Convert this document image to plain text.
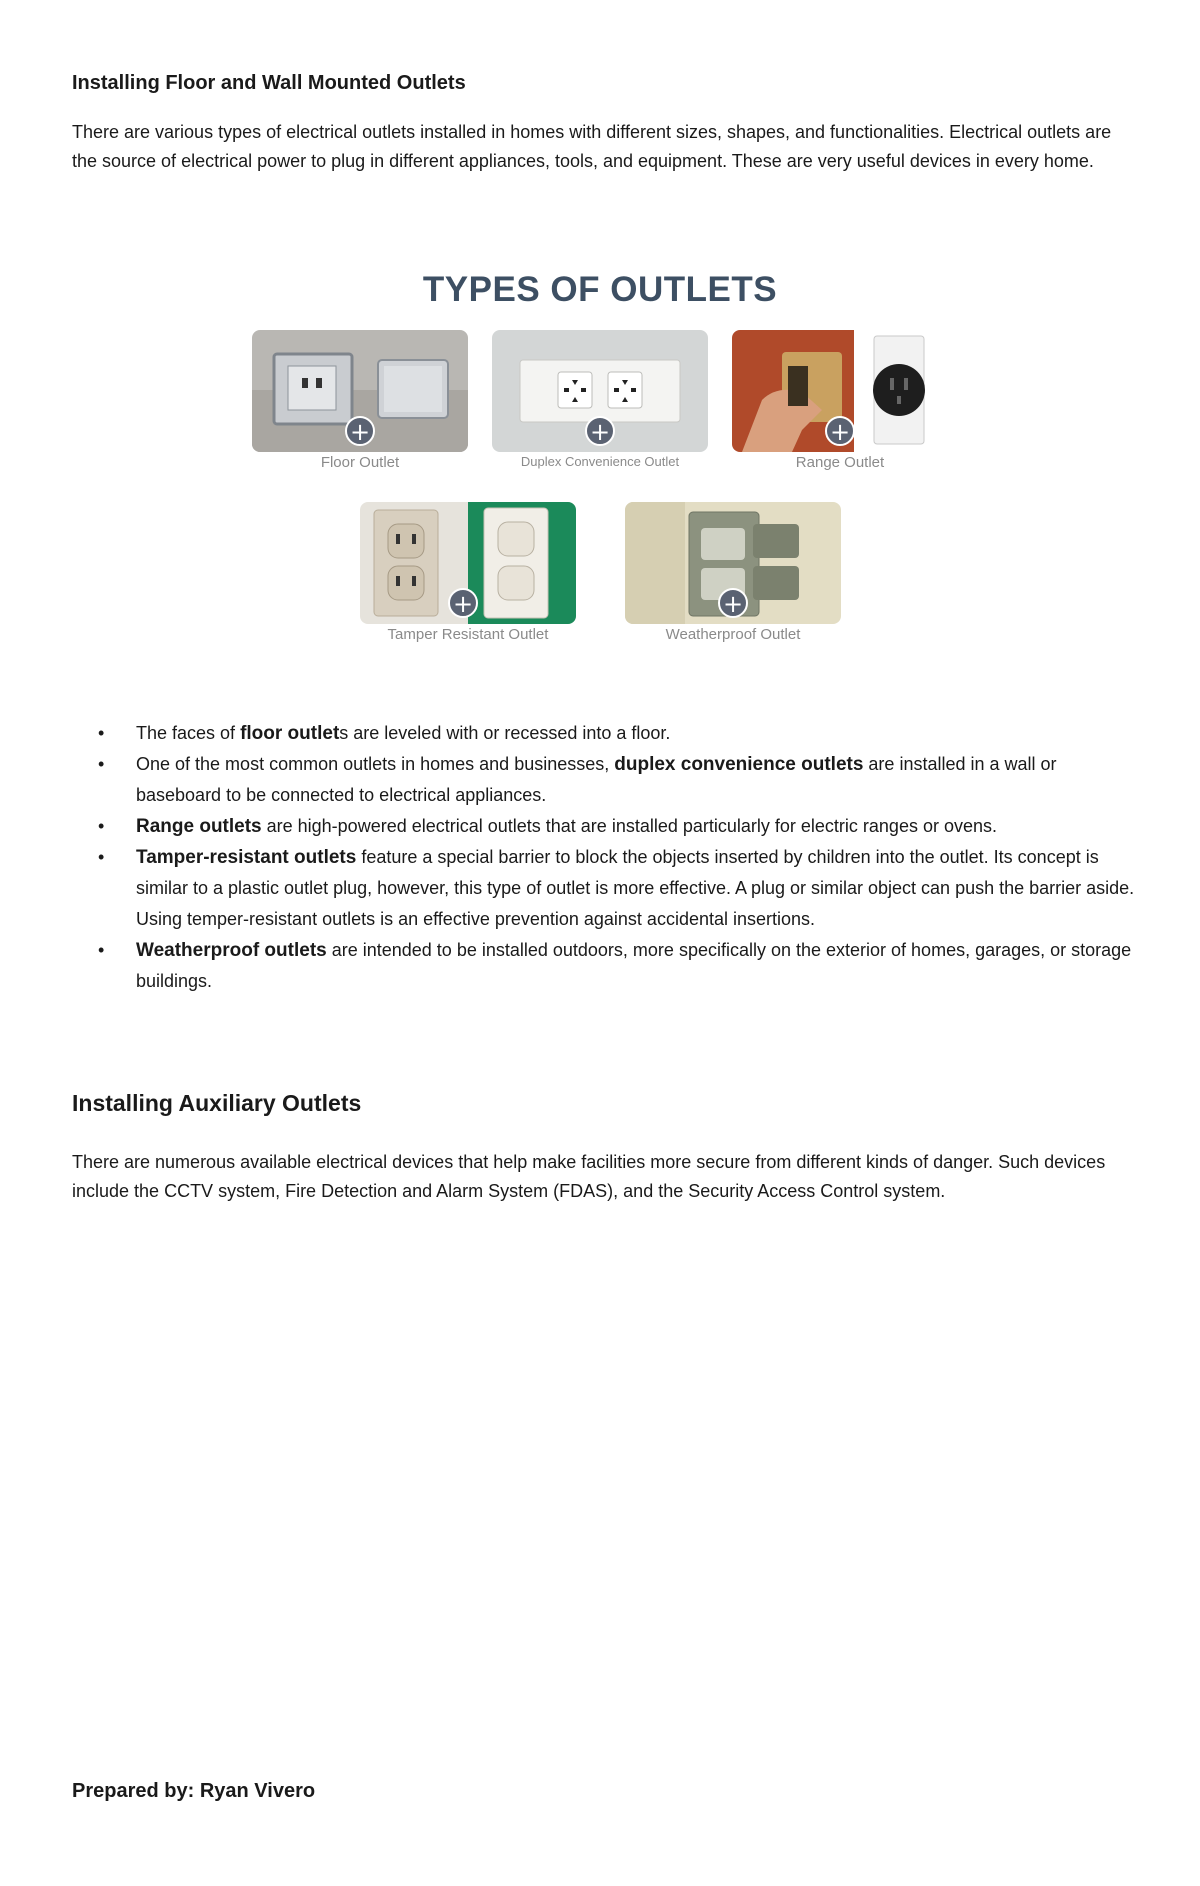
Installing Floor and Wall Mounted Outlets

There are various types of electrical outlets installed in homes with different sizes, shapes, and functionalities. Electrical outlets are the source of electrical power to plug in different appliances, tools, and equipment. These are very useful devices in every home.

TYPES OF OUTLETS
+
Floor Outlet
+
Duplex Convenience Outlet
+
Range Outlet
+
Tamper Resistant Outlet
+
Weatherproof Outlet
• The faces of floor outlets are leveled with or recessed into a floor.
• One of the most common outlets in homes and businesses, duplex convenience outlets are installed in a wall or baseboard to be connected to electrical appliances.
• Range outlets are high-powered electrical outlets that are installed particularly for electric ranges or ovens.
• Tamper-resistant outlets feature a special barrier to block the objects inserted by children into the outlet. Its concept is similar to a plastic outlet plug, however, this type of outlet is more effective. A plug or similar object can push the barrier aside. Using temper-resistant outlets is an effective prevention against accidental insertions.
• Weatherproof outlets are intended to be installed outdoors, more specifically on the exterior of homes, garages, or storage buildings.
Installing Auxiliary Outlets

There are numerous available electrical devices that help make facilities more secure from different kinds of danger. Such devices include the CCTV system, Fire Detection and Alarm System (FDAS), and the Security Access Control system.

Prepared by: Ryan Vivero
